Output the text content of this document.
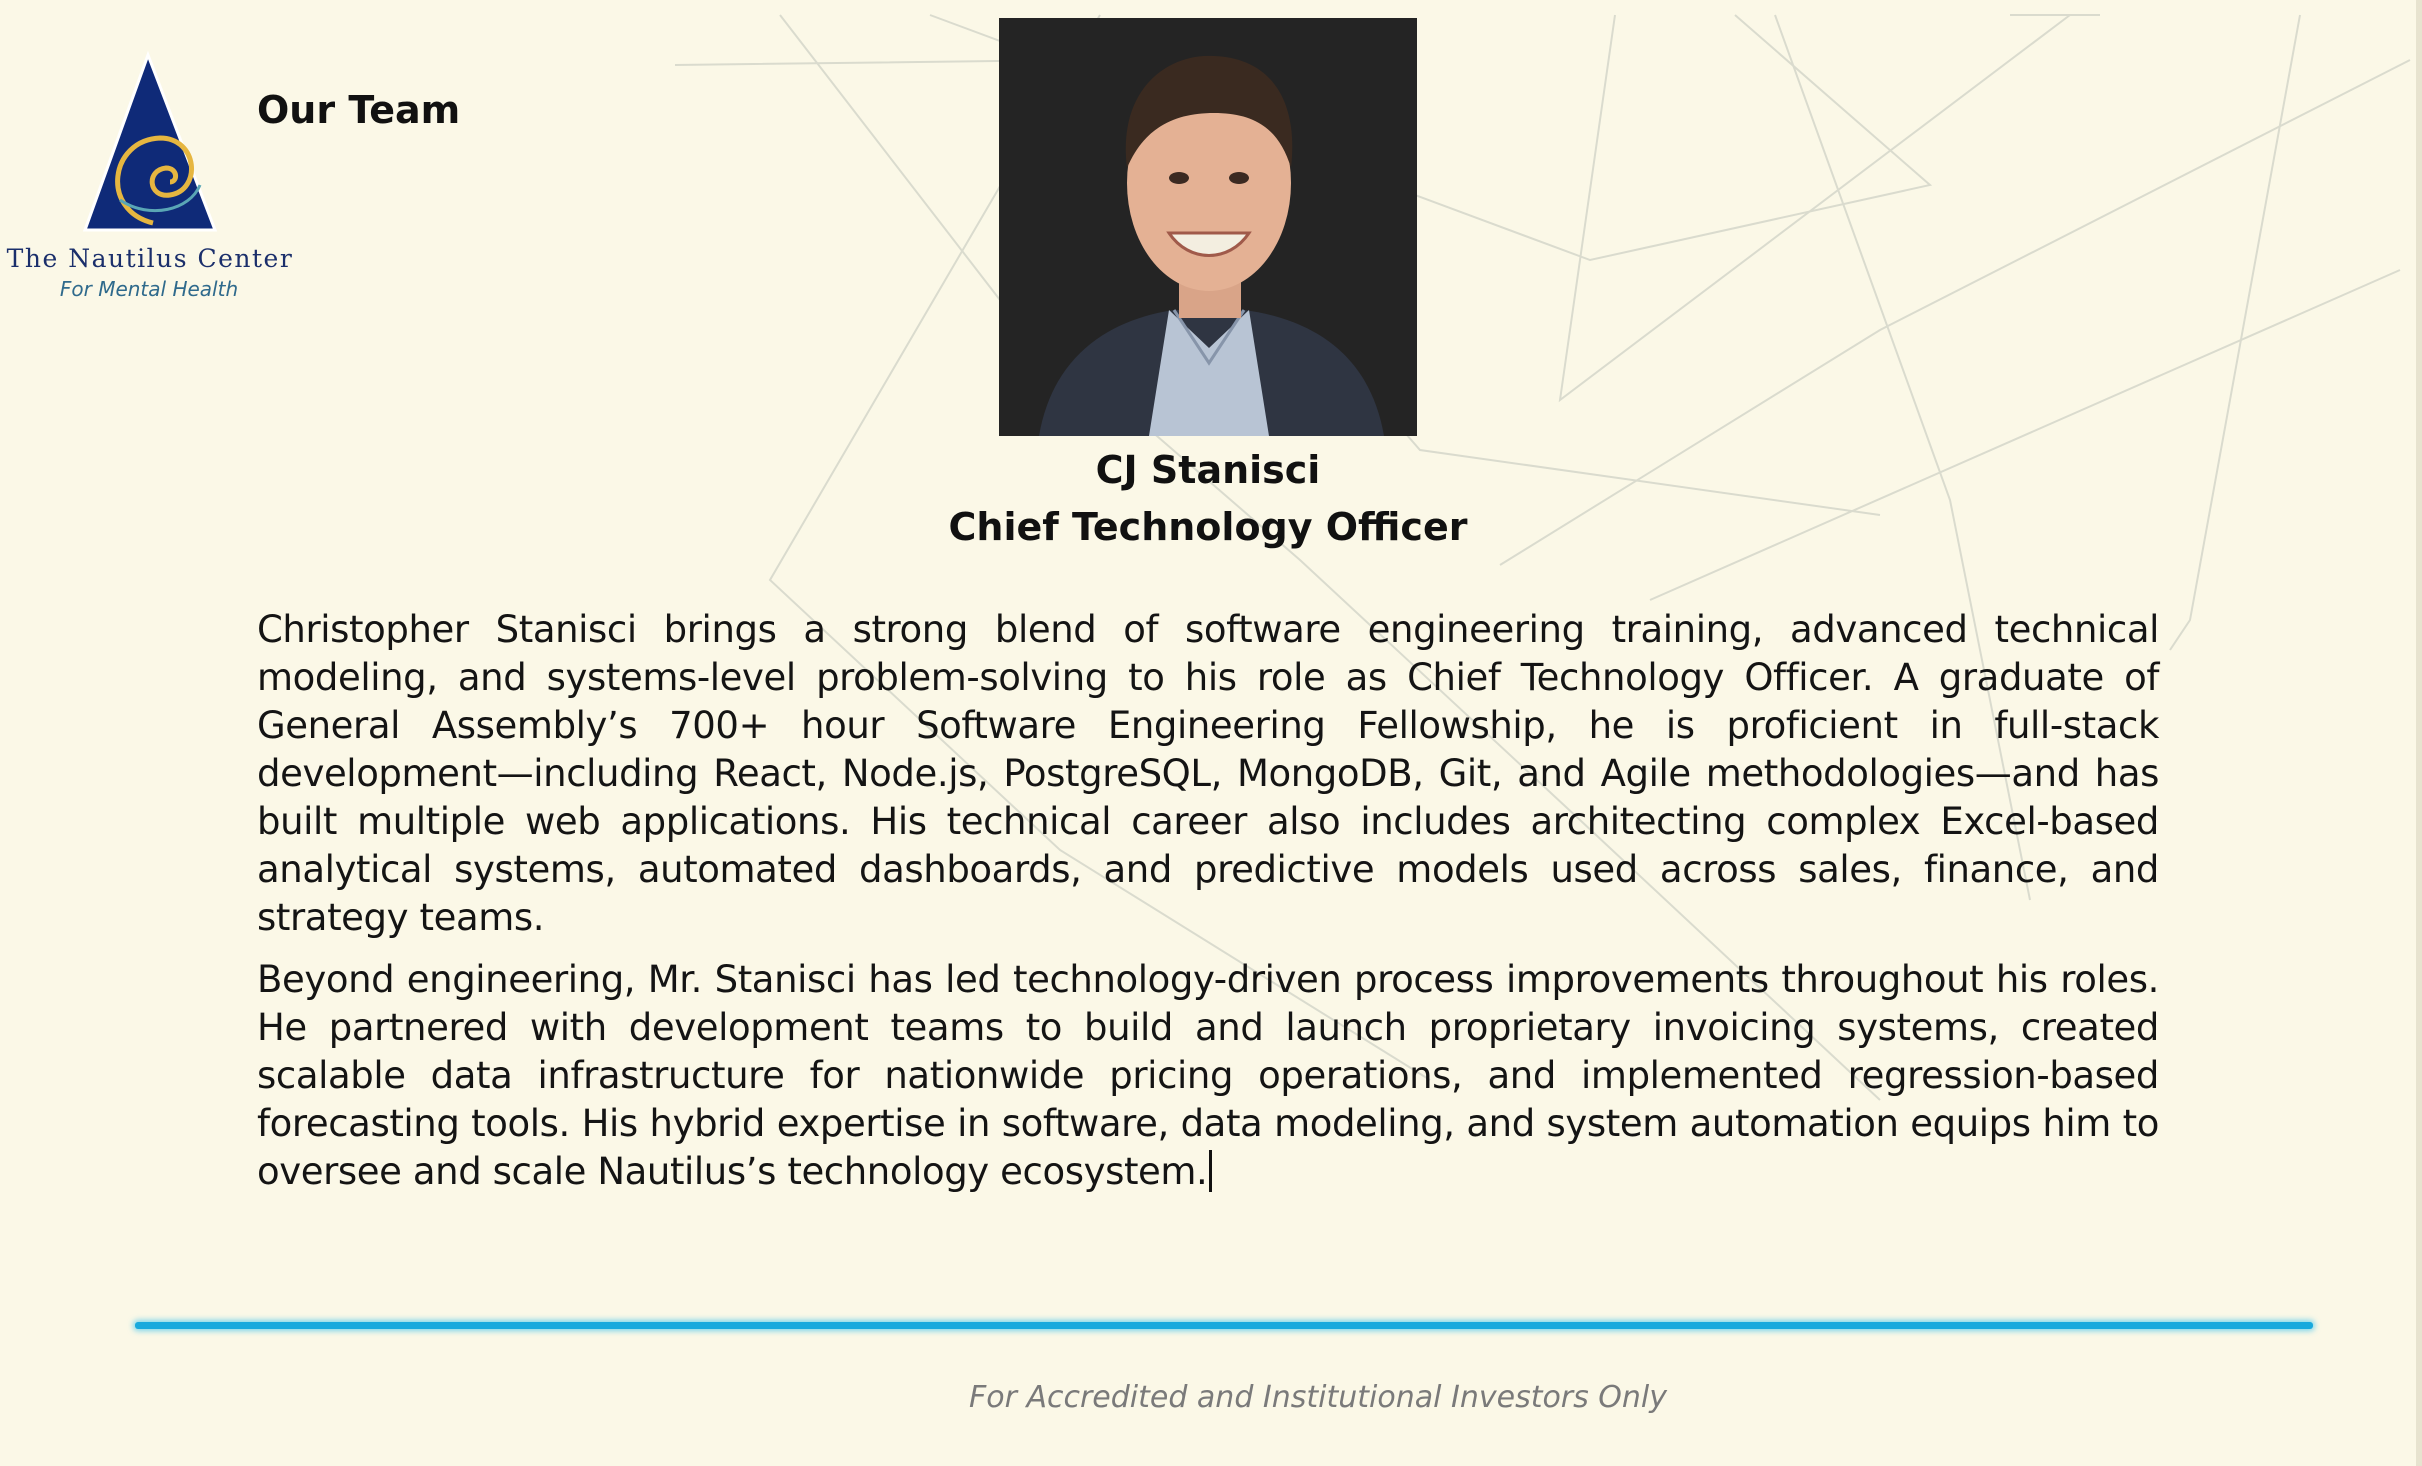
The Nautilus Center
For Mental Health
Our Team
CJ Stanisci
Chief Technology Officer

Christopher Stanisci brings a strong blend of software engineering training, advanced technical modeling, and systems-level problem-solving to his role as Chief Technology Officer. A graduate of General Assembly’s 700+ hour Software Engineering Fellowship, he is proficient in full-stack development—including React, Node.js, PostgreSQL, MongoDB, Git, and Agile methodologies—and has built multiple web applications. His technical career also includes architecting complex Excel-based analytical systems, automated dashboards, and predictive models used across sales, finance, and strategy teams.

Beyond engineering, Mr. Stanisci has led technology-driven process improvements throughout his roles. He partnered with development teams to build and launch proprietary invoicing systems, created scalable data infrastructure for nationwide pricing operations, and implemented regression-based forecasting tools. His hybrid expertise in software, data modeling, and system automation equips him to oversee and scale Nautilus’s technology ecosystem.

For Accredited and Institutional Investors Only
